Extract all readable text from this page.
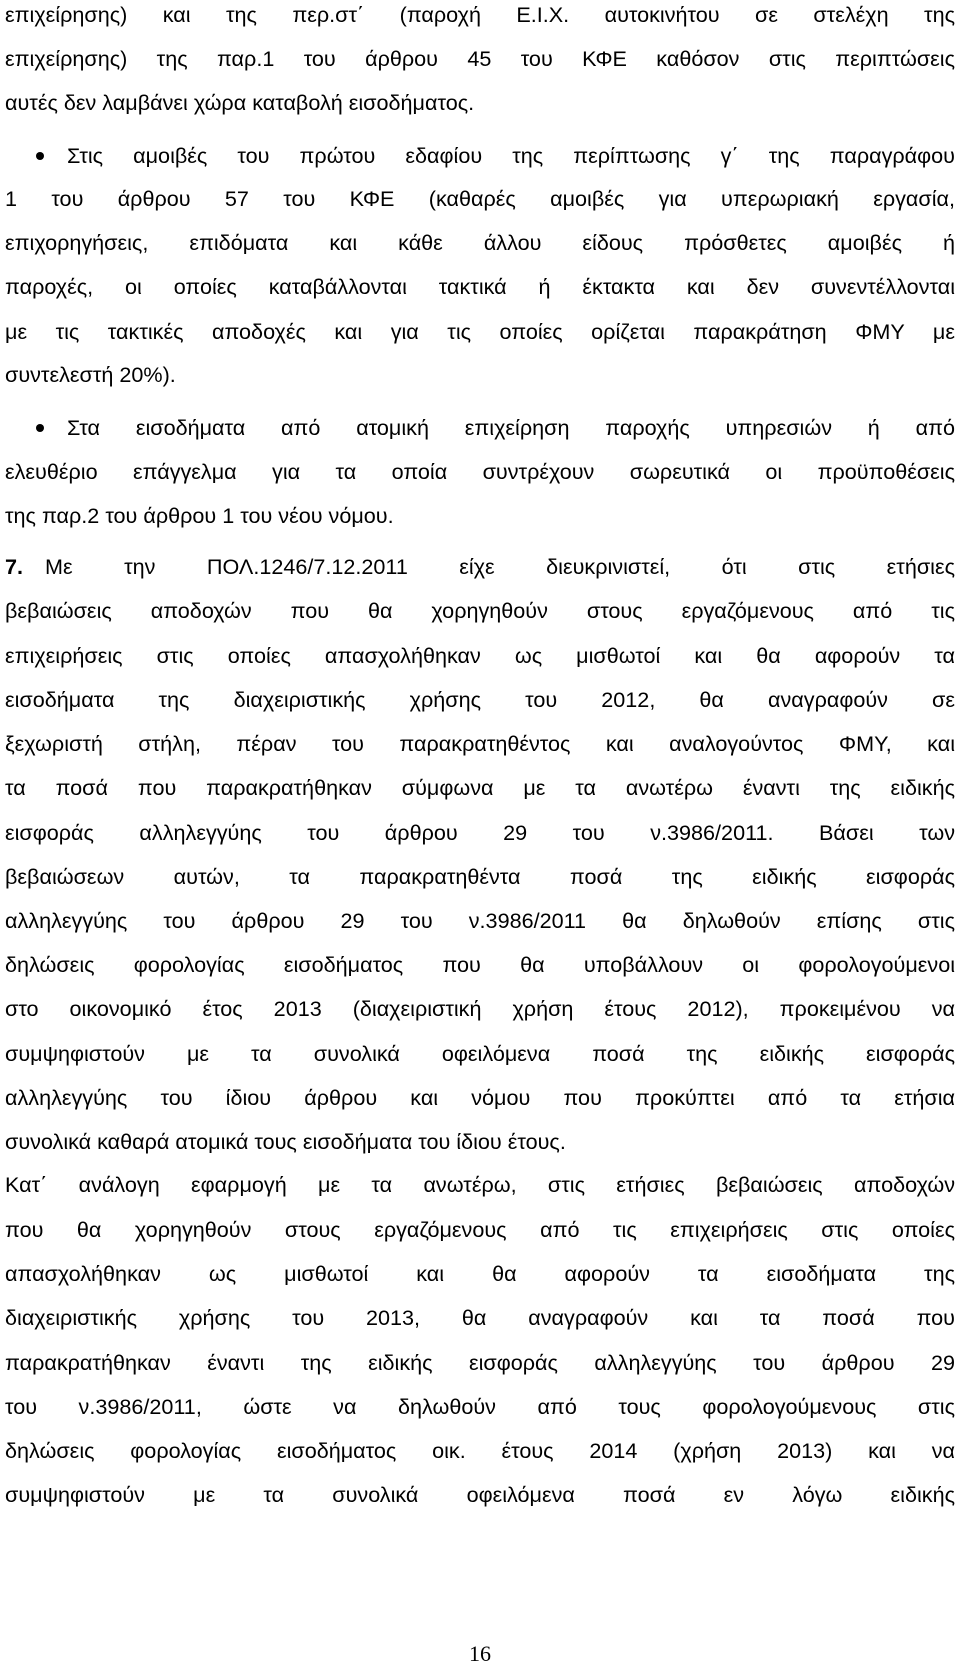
επιχείρησης) και της περ.στ΄ (παροχή Ε.Ι.Χ. αυτοκινήτου σε στελέχη της
επιχείρησης) της παρ.1 του άρθρου 45 του ΚΦΕ καθόσον στις περιπτώσεις
αυτές δεν λαμβάνει χώρα καταβολή εισοδήματος.
Στις αμοιβές του πρώτου εδαφίου της περίπτωσης γ΄ της παραγράφου
1 του άρθρου 57 του ΚΦΕ (καθαρές αμοιβές για υπερωριακή εργασία,
επιχορηγήσεις, επιδόματα και κάθε άλλου είδους πρόσθετες αμοιβές ή
παροχές, οι οποίες καταβάλλονται τακτικά ή έκτακτα και δεν συνεντέλλονται
με τις τακτικές αποδοχές και για τις οποίες ορίζεται παρακράτηση ΦΜΥ με
συντελεστή 20%).
Στα εισοδήματα από ατομική επιχείρηση παροχής υπηρεσιών ή από
ελευθέριο επάγγελμα για τα οποία συντρέχουν σωρευτικά οι προϋποθέσεις
της παρ.2 του άρθρου 1 του νέου νόμου.
7. Με την ΠΟΛ.1246/7.12.2011 είχε διευκρινιστεί, ότι στις ετήσιες
βεβαιώσεις αποδοχών που θα χορηγηθούν στους εργαζόμενους από τις
επιχειρήσεις στις οποίες απασχολήθηκαν ως μισθωτοί και θα αφορούν τα
εισοδήματα της διαχειριστικής χρήσης του 2012, θα αναγραφούν σε
ξεχωριστή στήλη, πέραν του παρακρατηθέντος και αναλογούντος ΦΜΥ, και
τα ποσά που παρακρατήθηκαν σύμφωνα με τα ανωτέρω έναντι της ειδικής
εισφοράς αλληλεγγύης του άρθρου 29 του ν.3986/2011. Βάσει των
βεβαιώσεων αυτών, τα παρακρατηθέντα ποσά της ειδικής εισφοράς
αλληλεγγύης του άρθρου 29 του ν.3986/2011 θα δηλωθούν επίσης στις
δηλώσεις φορολογίας εισοδήματος που θα υποβάλλουν οι φορολογούμενοι
στο οικονομικό έτος 2013 (διαχειριστική χρήση έτους 2012), προκειμένου να
συμψηφιστούν με τα συνολικά οφειλόμενα ποσά της ειδικής εισφοράς
αλληλεγγύης του ίδιου άρθρου και νόμου που προκύπτει από τα ετήσια
συνολικά καθαρά ατομικά τους εισοδήματα του ίδιου έτους.
Κατ΄ ανάλογη εφαρμογή με τα ανωτέρω, στις ετήσιες βεβαιώσεις αποδοχών
που θα χορηγηθούν στους εργαζόμενους από τις επιχειρήσεις στις οποίες
απασχολήθηκαν ως μισθωτοί και θα αφορούν τα εισοδήματα της
διαχειριστικής χρήσης του 2013, θα αναγραφούν και τα ποσά που
παρακρατήθηκαν έναντι της ειδικής εισφοράς αλληλεγγύης του άρθρου 29
του ν.3986/2011, ώστε να δηλωθούν από τους φορολογούμενους στις
δηλώσεις φορολογίας εισοδήματος οικ. έτους 2014 (χρήση 2013) και να
συμψηφιστούν με τα συνολικά οφειλόμενα ποσά εν λόγω ειδικής
16
